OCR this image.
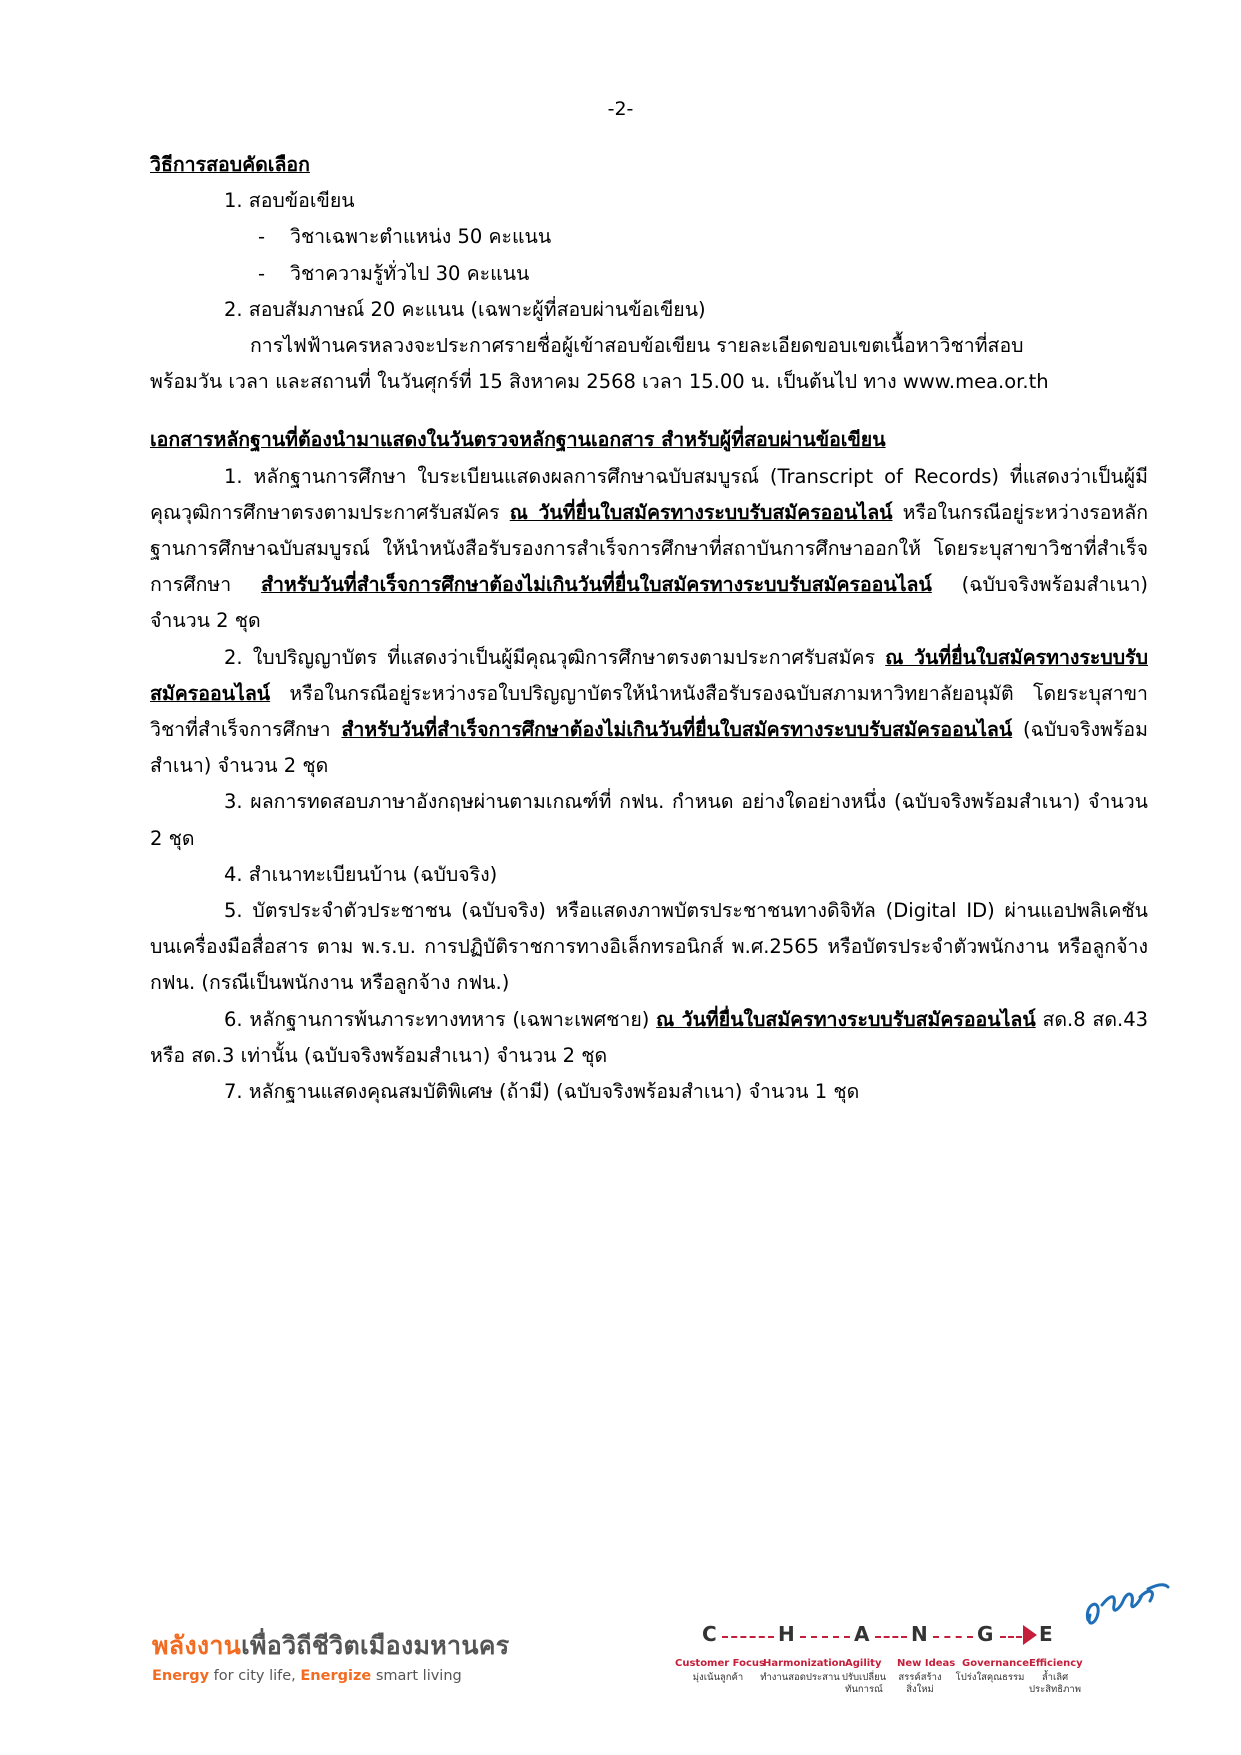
-2-
วิธีการสอบคัดเลือก
1. สอบข้อเขียน
- วิชาเฉพาะตำแหน่ง 50 คะแนน
- วิชาความรู้ทั่วไป 30 คะแนน
2. สอบสัมภาษณ์ 20 คะแนน (เฉพาะผู้ที่สอบผ่านข้อเขียน)
การไฟฟ้านครหลวงจะประกาศรายชื่อผู้เข้าสอบข้อเขียน รายละเอียดขอบเขตเนื้อหาวิชาที่สอบ
พร้อมวัน เวลา และสถานที่ ในวันศุกร์ที่ 15 สิงหาคม 2568 เวลา 15.00 น. เป็นต้นไป ทาง www.mea.or.th
เอกสารหลักฐานที่ต้องนำมาแสดงในวันตรวจหลักฐานเอกสาร สำหรับผู้ที่สอบผ่านข้อเขียน
1. หลักฐานการศึกษา ใบระเบียนแสดงผลการศึกษาฉบับสมบูรณ์ (Transcript of Records) ที่แสดงว่าเป็นผู้มีคุณวุฒิการศึกษาตรงตามประกาศรับสมัคร ณ วันที่ยื่นใบสมัครทางระบบรับสมัครออนไลน์ หรือในกรณีอยู่ระหว่างรอหลักฐานการศึกษาฉบับสมบูรณ์ ให้นำหนังสือรับรองการสำเร็จการศึกษาที่สถาบันการศึกษาออกให้ โดยระบุสาขาวิชาที่สำเร็จการศึกษา สำหรับวันที่สำเร็จการศึกษาต้องไม่เกินวันที่ยื่นใบสมัครทางระบบรับสมัครออนไลน์ (ฉบับจริงพร้อมสำเนา) จำนวน 2 ชุด
2. ใบปริญญาบัตร ที่แสดงว่าเป็นผู้มีคุณวุฒิการศึกษาตรงตามประกาศรับสมัคร ณ วันที่ยื่นใบสมัครทางระบบรับสมัครออนไลน์ หรือในกรณีอยู่ระหว่างรอใบปริญญาบัตรให้นำหนังสือรับรองฉบับสภามหาวิทยาลัยอนุมัติ โดยระบุสาขาวิชาที่สำเร็จการศึกษา สำหรับวันที่สำเร็จการศึกษาต้องไม่เกินวันที่ยื่นใบสมัครทางระบบรับสมัครออนไลน์ (ฉบับจริงพร้อมสำเนา) จำนวน 2 ชุด
3. ผลการทดสอบภาษาอังกฤษผ่านตามเกณฑ์ที่ กฟน. กำหนด อย่างใดอย่างหนึ่ง (ฉบับจริงพร้อมสำเนา) จำนวน 2 ชุด
4. สำเนาทะเบียนบ้าน (ฉบับจริง)
5. บัตรประจำตัวประชาชน (ฉบับจริง) หรือแสดงภาพบัตรประชาชนทางดิจิทัล (Digital ID) ผ่านแอปพลิเคชันบนเครื่องมือสื่อสาร ตาม พ.ร.บ. การปฏิบัติราชการทางอิเล็กทรอนิกส์ พ.ศ.2565 หรือบัตรประจำตัวพนักงาน หรือลูกจ้าง กฟน. (กรณีเป็นพนักงาน หรือลูกจ้าง กฟน.)
6. หลักฐานการพ้นภาระทางทหาร (เฉพาะเพศชาย) ณ วันที่ยื่นใบสมัครทางระบบรับสมัครออนไลน์ สด.8 สด.43 หรือ สด.3 เท่านั้น (ฉบับจริงพร้อมสำเนา) จำนวน 2 ชุด
7. หลักฐานแสดงคุณสมบัติพิเศษ (ถ้ามี) (ฉบับจริงพร้อมสำเนา) จำนวน 1 ชุด
พลังงานเพื่อวิถีชีวิตเมืองมหานคร
Energy for city life, Energize smart living
C	H	A N G E
Customer Focus
Harmonization Agility New Ideas Governance Efficiency
มุ่งเน้นลูกค้า	ทำงานสอดประสาน ปรับเปลี่ยนทันการณ์
สรรค์สร้างสิ่งใหม่
โปร่งใสคุณธรรม	ล้ำเลิศประสิทธิภาพ
